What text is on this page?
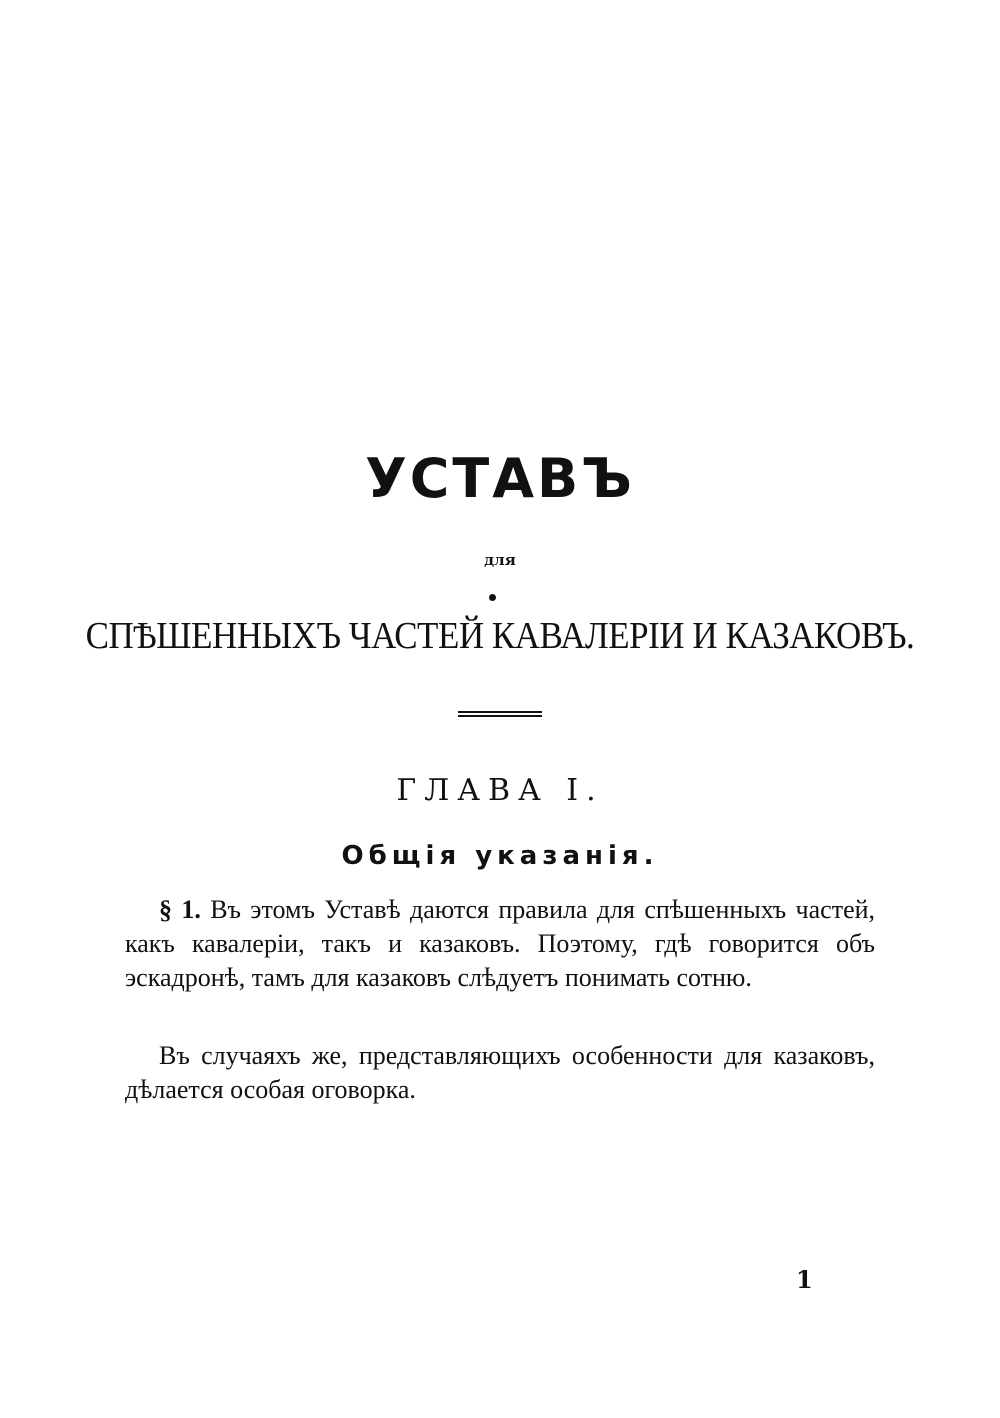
УСТАВЪ
для
СПѢШЕННЫХЪ ЧАСТЕЙ КАВАЛЕРІИ И КАЗАКОВЪ.
ГЛАВА I.
Общія указанія.
§ 1. Въ этомъ Уставѣ даются правила для спѣшенныхъ частей, какъ кавалеріи, такъ и казаковъ. Поэтому, гдѣ говорится объ эскадронѣ, тамъ для казаковъ слѣдуетъ понимать сотню.
Въ случаяхъ же, представляющихъ особенности для казаковъ, дѣлается особая оговорка.
1
